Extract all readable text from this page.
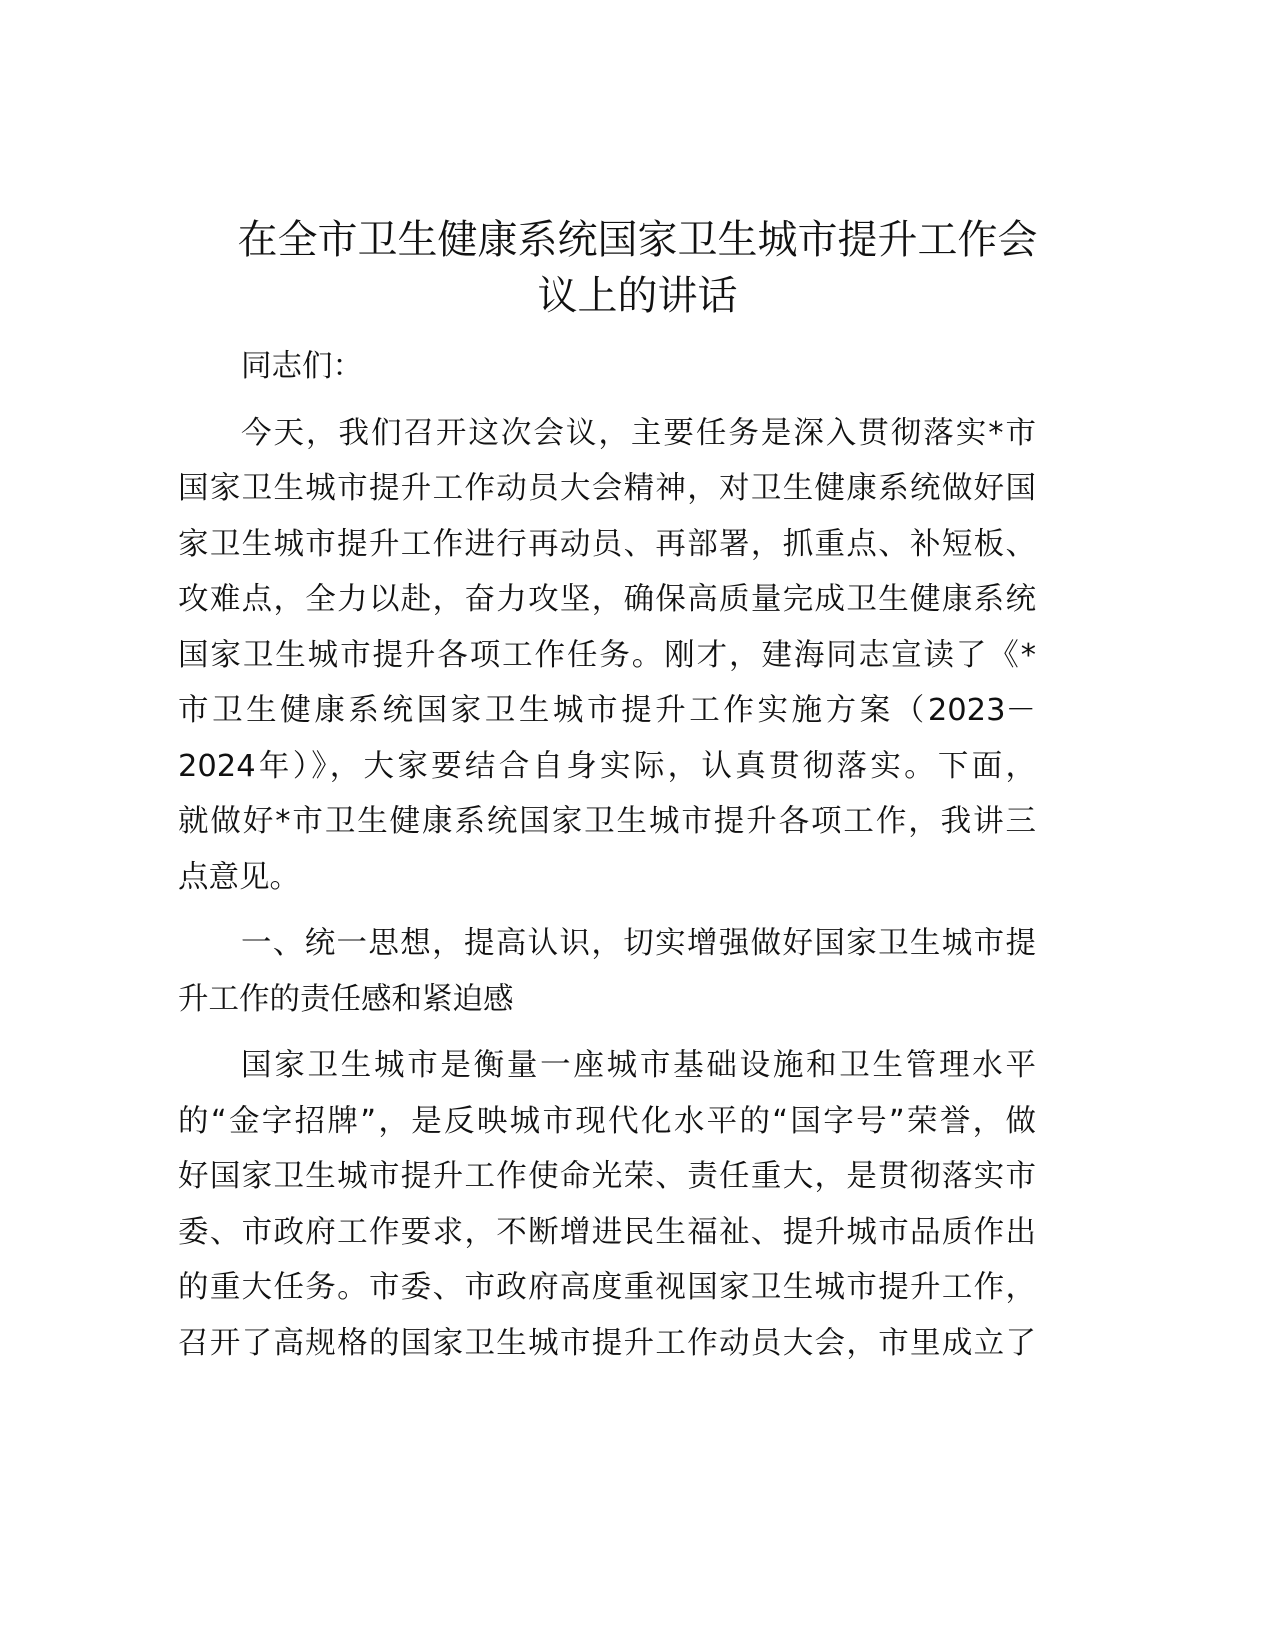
在全市卫生健康系统国家卫生城市提升工作会
议上的讲话
同志们：
今天，我们召开这次会议，主要任务是深入贯彻落实*市
国家卫生城市提升工作动员大会精神，对卫生健康系统做好国
家卫生城市提升工作进行再动员、再部署，抓重点、补短板、
攻难点，全力以赴，奋力攻坚，确保高质量完成卫生健康系统
国家卫生城市提升各项工作任务。刚才，建海同志宣读了《*
市卫生健康系统国家卫生城市提升工作实施方案（2023－
2024年）》，大家要结合自身实际，认真贯彻落实。下面，
就做好*市卫生健康系统国家卫生城市提升各项工作，我讲三
点意见。
一、统一思想，提高认识，切实增强做好国家卫生城市提
升工作的责任感和紧迫感
国家卫生城市是衡量一座城市基础设施和卫生管理水平
的“金字招牌”，是反映城市现代化水平的“国字号”荣誉，做
好国家卫生城市提升工作使命光荣、责任重大，是贯彻落实市
委、市政府工作要求，不断增进民生福祉、提升城市品质作出
的重大任务。市委、市政府高度重视国家卫生城市提升工作，
召开了高规格的国家卫生城市提升工作动员大会，市里成立了
